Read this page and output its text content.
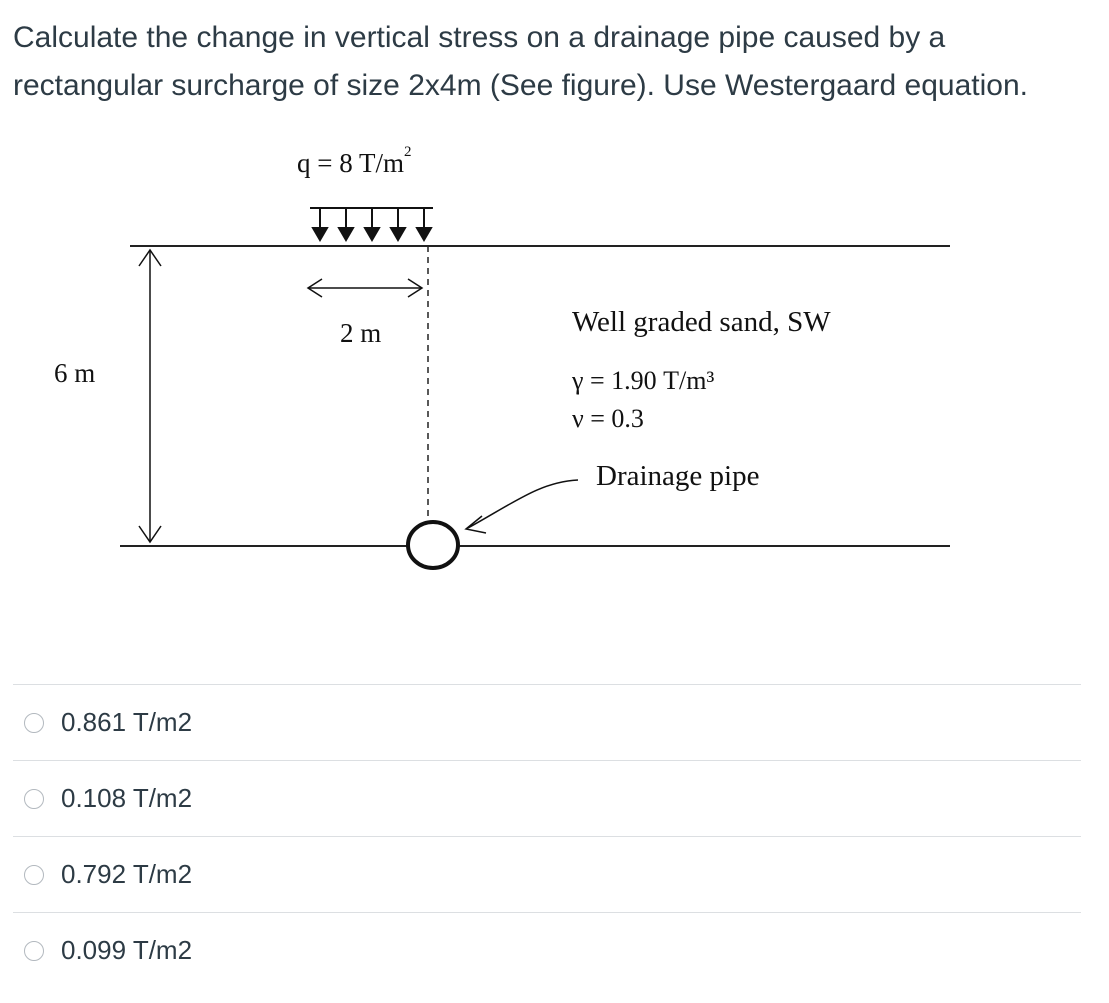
Calculate the change in vertical stress on a drainage pipe caused by a rectangular surcharge of size 2x4m (See figure). Use Westergaard equation.
q = 8 $T/m^2$
2 m
6 m
Well graded sand, SW
γ = 1.90 T/m³
ν = 0.3
Drainage pipe
0.861 T/m2
0.108 T/m2
0.792 T/m2
0.099 T/m2
